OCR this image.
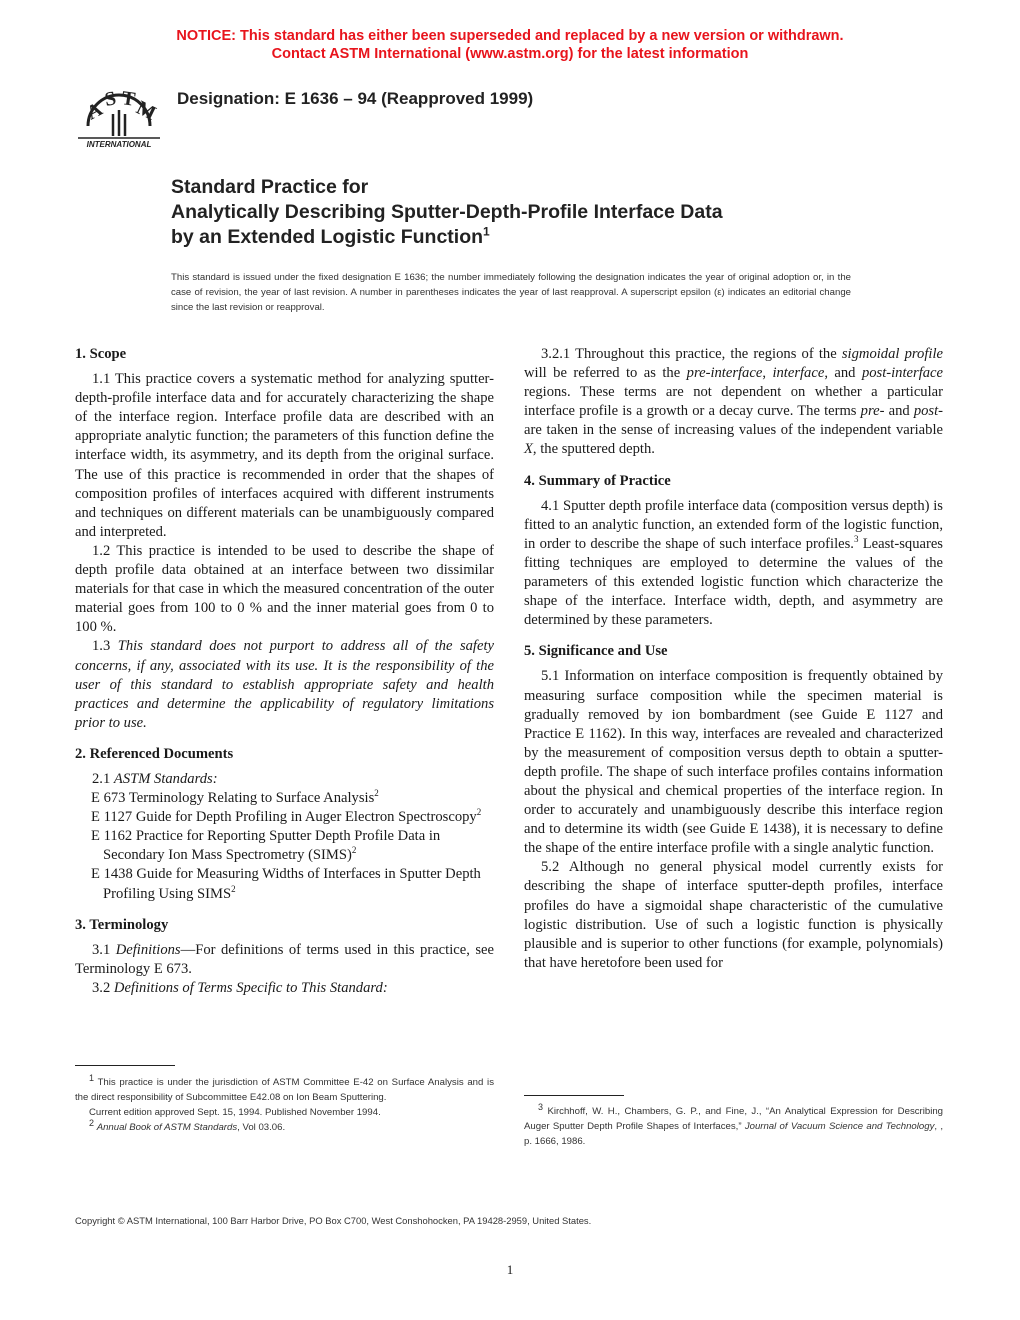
NOTICE: This standard has either been superseded and replaced by a new version or withdrawn.
Contact ASTM International (www.astm.org) for the latest information
A
S T
M
INTERNATIONAL
Designation: E 1636 – 94 (Reapproved 1999)
Standard Practice for
Analytically Describing Sputter-Depth-Profile Interface Data
by an Extended Logistic Function$^1$
This standard is issued under the fixed designation E 1636; the number immediately following the designation indicates the year of original adoption or, in the case of revision, the year of last revision. A number in parentheses indicates the year of last reapproval. A superscript epsilon (ε) indicates an editorial change since the last revision or reapproval.
1. Scope

1.1 This practice covers a systematic method for analyzing sputter-depth-profile interface data and for accurately characterizing the shape of the interface region. Interface profile data are described with an appropriate analytic function; the parameters of this function define the interface width, its asymmetry, and its depth from the original surface. The use of this practice is recommended in order that the shapes of composition profiles of interfaces acquired with different instruments and techniques on different materials can be unambiguously compared and interpreted.

1.2 This practice is intended to be used to describe the shape of depth profile data obtained at an interface between two dissimilar materials for that case in which the measured concentration of the outer material goes from 100 to 0 % and the inner material goes from 0 to 100 %.

1.3 This standard does not purport to address all of the safety concerns, if any, associated with its use. It is the responsibility of the user of this standard to establish appropriate safety and health practices and determine the applicability of regulatory limitations prior to use.

2. Referenced Documents

2.1 ASTM Standards:

E 673 Terminology Relating to Surface Analysis$^2$

E 1127 Guide for Depth Profiling in Auger Electron Spectroscopy$^2$

E 1162 Practice for Reporting Sputter Depth Profile Data in Secondary Ion Mass Spectrometry (SIMS)$^2$

E 1438 Guide for Measuring Widths of Interfaces in Sputter Depth Profiling Using SIMS$^2$

3. Terminology

3.1 Definitions—For definitions of terms used in this practice, see Terminology E 673.

3.2 Definitions of Terms Specific to This Standard:

3.2.1 Throughout this practice, the regions of the sigmoidal profile will be referred to as the pre-interface, interface, and post-interface regions. These terms are not dependent on whether a particular interface profile is a growth or a decay curve. The terms pre- and post- are taken in the sense of increasing values of the independent variable X, the sputtered depth.

4. Summary of Practice

4.1 Sputter depth profile interface data (composition versus depth) is fitted to an analytic function, an extended form of the logistic function, in order to describe the shape of such interface profiles.$^3$ Least-squares fitting techniques are employed to determine the values of the parameters of this extended logistic function which characterize the shape of the interface. Interface width, depth, and asymmetry are determined by these parameters.

5. Significance and Use

5.1 Information on interface composition is frequently obtained by measuring surface composition while the specimen material is gradually removed by ion bombardment (see Guide E 1127 and Practice E 1162). In this way, interfaces are revealed and characterized by the measurement of composition versus depth to obtain a sputter-depth profile. The shape of such interface profiles contains information about the physical and chemical properties of the interface region. In order to accurately and unambiguously describe this interface region and to determine its width (see Guide E 1438), it is necessary to define the shape of the entire interface profile with a single analytic function.

5.2 Although no general physical model currently exists for describing the shape of interface sputter-depth profiles, interface profiles do have a sigmoidal shape characteristic of the cumulative logistic distribution. Use of such a logistic function is physically plausible and is superior to other functions (for example, polynomials) that have heretofore been used for

$^1$ This practice is under the jurisdiction of ASTM Committee E-42 on Surface Analysis and is the direct responsibility of Subcommittee E42.08 on Ion Beam Sputtering.

Current edition approved Sept. 15, 1994. Published November 1994.

$^2$ Annual Book of ASTM Standards, Vol 03.06.

$^3$ Kirchhoff, W. H., Chambers, G. P., and Fine, J., “An Analytical Expression for Describing Auger Sputter Depth Profile Shapes of Interfaces,” Journal of Vacuum Science and Technology, , p. 1666, 1986.

Copyright © ASTM International, 100 Barr Harbor Drive, PO Box C700, West Conshohocken, PA 19428-2959, United States.
1
